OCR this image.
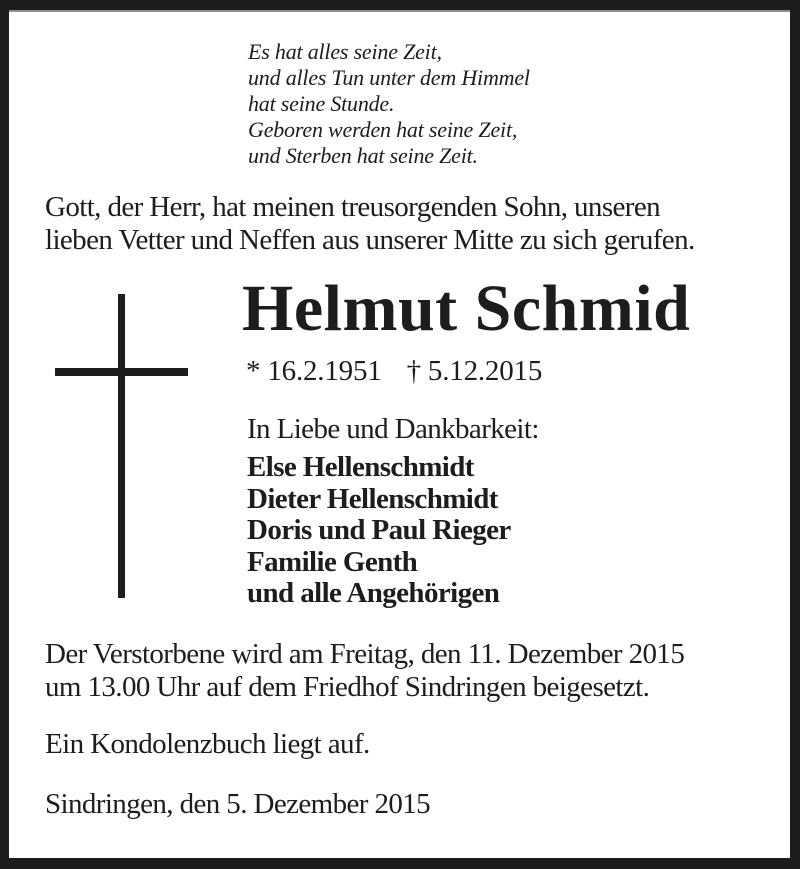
Es hat alles seine Zeit,
und alles Tun unter dem Himmel
hat seine Stunde.
Geboren werden hat seine Zeit,
und Sterben hat seine Zeit.
Gott, der Herr, hat meinen treusorgenden Sohn, unseren
lieben Vetter und Neffen aus unserer Mitte zu sich gerufen.
Helmut Schmid
* 16.2.1951 † 5.12.2015
In Liebe und Dankbarkeit:
Else Hellenschmidt
Dieter Hellenschmidt
Doris und Paul Rieger
Familie Genth
und alle Angehörigen
Der Verstorbene wird am Freitag, den 11. Dezember 2015
um 13.00 Uhr auf dem Friedhof Sindringen beigesetzt.
Ein Kondolenzbuch liegt auf.
Sindringen, den 5. Dezember 2015
